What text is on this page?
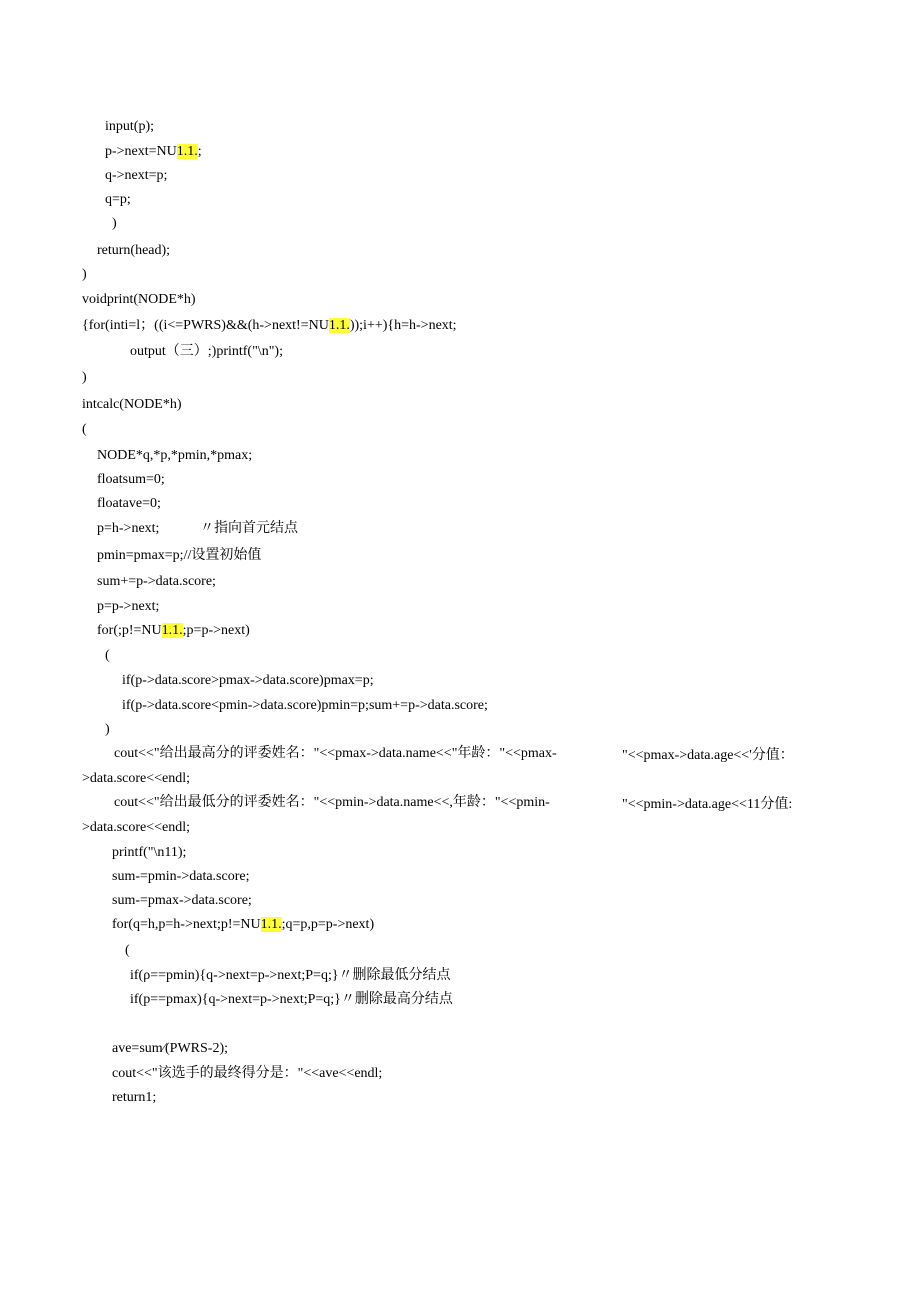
input(p);
p->next=NU1.1.;
q->next=p;
q=p;
)
return(head);
)
voidprint(NODE*h)
{for(inti=l；((i<=PWRS)&&(h->next!=NU1.1.));i++){h=h->next;
output（三）;)printf("\n");
)
intcalc(NODE*h)
(
NODE*q,*p,*pmin,*pmax;
floatsum=0;
floatave=0;
p=h->next;	〃指向首元结点
pmin=pmax=p;//设置初始值
sum+=p->data.score;
p=p->next;
for(;p!=NU1.1.;p=p->next)
(
if(p->data.score>pmax->data.score)pmax=p;
if(p->data.score<pmin->data.score)pmin=p;sum+=p->data.score;
)
cout<<"给出最高分的评委姓名："<<pmax->data.name<<"年龄："<<pmax-	"<<pmax->data.age<<'分值：
>data.score<<endl;
cout<<"给出最低分的评委姓名："<<pmin->data.name<<,年龄："<<pmin-	"<<pmin->data.age<<11分值:
>data.score<<endl;
printf("\n11);
sum-=pmin->data.score;
sum-=pmax->data.score;
for(q=h,p=h->next;p!=NU1.1.;q=p,p=p->next)
(
if(ρ==pmin){q->next=p->next;P=q;}〃删除最低分结点
if(p==pmax){q->next=p->next;P=q;}〃删除最高分结点
ave=sum∕(PWRS-2);
cout<<"该选手的最终得分是："<<ave<<endl;
return1;
